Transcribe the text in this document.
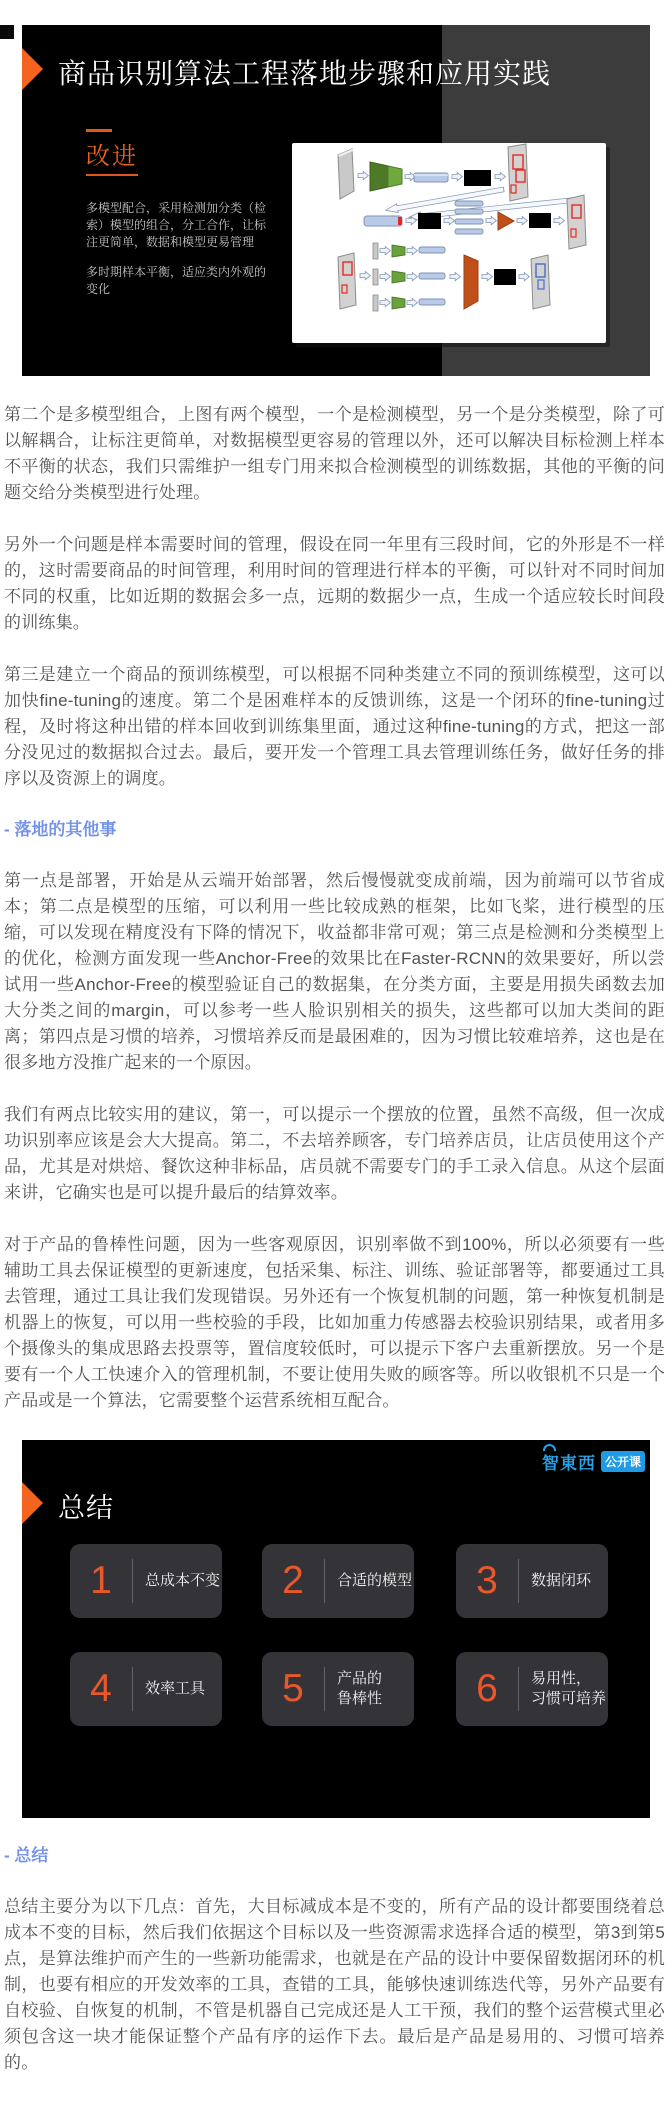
商品识别算法工程落地步骤和应用实践
改进

多模型配合，采用检测加分类（检索）模型的组合，分工合作，让标注更简单，数据和模型更易管理

多时期样本平衡，适应类内外观的变化

第二个是多模型组合，上图有两个模型，一个是检测模型，另一个是分类模型，除了可以解耦合，让标注更简单，对数据模型更容易的管理以外，还可以解决目标检测上样本不平衡的状态，我们只需维护一组专门用来拟合检测模型的训练数据，其他的平衡的问题交给分类模型进行处理。

另外一个问题是样本需要时间的管理，假设在同一年里有三段时间，它的外形是不一样的，这时需要商品的时间管理，利用时间的管理进行样本的平衡，可以针对不同时间加不同的权重，比如近期的数据会多一点，远期的数据少一点，生成一个适应较长时间段的训练集。

第三是建立一个商品的预训练模型，可以根据不同种类建立不同的预训练模型，这可以加快fine-tuning的速度。第二个是困难样本的反馈训练，这是一个闭环的fine-tuning过程，及时将这种出错的样本回收到训练集里面，通过这种fine-tuning的方式，把这一部分没见过的数据拟合过去。最后，要开发一个管理工具去管理训练任务，做好任务的排序以及资源上的调度。

- 落地的其他事

第一点是部署，开始是从云端开始部署，然后慢慢就变成前端，因为前端可以节省成本；第二点是模型的压缩，可以利用一些比较成熟的框架，比如飞桨，进行模型的压缩，可以发现在精度没有下降的情况下，收益都非常可观；第三点是检测和分类模型上的优化，检测方面发现一些Anchor-Free的效果比在Faster-RCNN的效果要好，所以尝试用一些Anchor-Free的模型验证自己的数据集，在分类方面，主要是用损失函数去加大分类之间的margin，可以参考一些人脸识别相关的损失，这些都可以加大类间的距离；第四点是习惯的培养，习惯培养反而是最困难的，因为习惯比较难培养，这也是在很多地方没推广起来的一个原因。

我们有两点比较实用的建议，第一，可以提示一个摆放的位置，虽然不高级，但一次成功识别率应该是会大大提高。第二，不去培养顾客，专门培养店员，让店员使用这个产品，尤其是对烘焙、餐饮这种非标品，店员就不需要专门的手工录入信息。从这个层面来讲，它确实也是可以提升最后的结算效率。

对于产品的鲁棒性问题，因为一些客观原因，识别率做不到100%，所以必须要有一些辅助工具去保证模型的更新速度，包括采集、标注、训练、验证部署等，都要通过工具去管理，通过工具让我们发现错误。另外还有一个恢复机制的问题，第一种恢复机制是机器上的恢复，可以用一些校验的手段，比如加重力传感器去校验识别结果，或者用多个摄像头的集成思路去投票等，置信度较低时，可以提示下客户去重新摆放。另一个是要有一个人工快速介入的管理机制，不要让使用失败的顾客等。所以收银机不只是一个产品或是一个算法，它需要整个运营系统相互配合。

智東西 公开课
总结
1	总成本不变	2	合适的模型	3	数据闭环
4	效率工具	5	产品的
鲁棒性	6	易用性，
习惯可培养
- 总结

总结主要分为以下几点：首先，大目标减成本是不变的，所有产品的设计都要围绕着总成本不变的目标，然后我们依据这个目标以及一些资源需求选择合适的模型，第3到第5点，是算法维护而产生的一些新功能需求，也就是在产品的设计中要保留数据闭环的机制，也要有相应的开发效率的工具，查错的工具，能够快速训练迭代等，另外产品要有自校验、自恢复的机制，不管是机器自己完成还是人工干预，我们的整个运营模式里必须包含这一块才能保证整个产品有序的运作下去。最后是产品是易用的、习惯可培养的。
